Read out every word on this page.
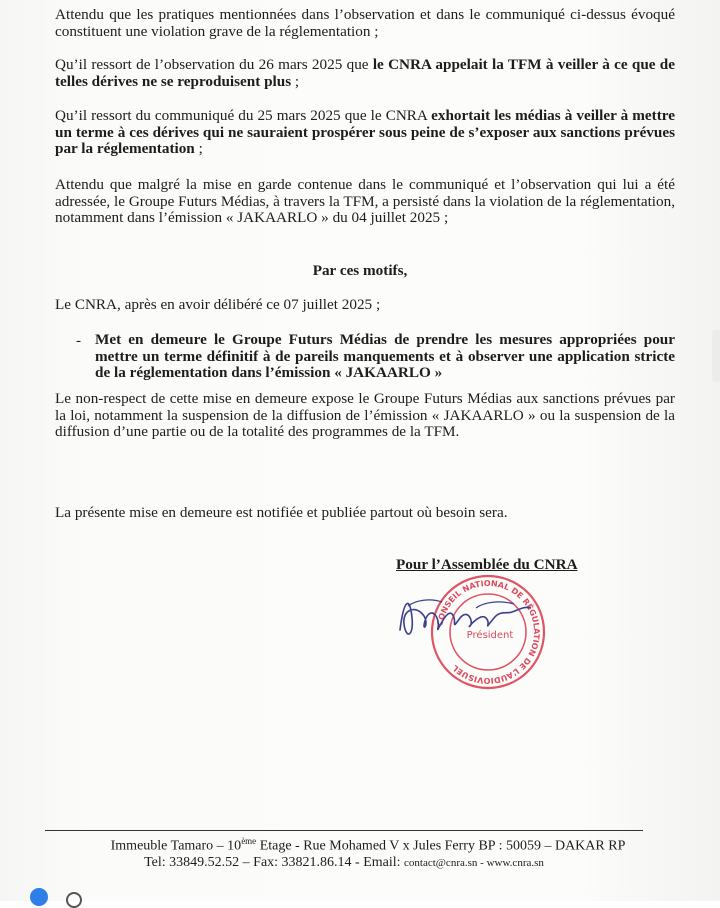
Attendu que les pratiques mentionnées dans l’observation et dans le communiqué ci-dessus évoqué constituent une violation grave de la réglementation ;

Qu’il ressort de l’observation du 26 mars 2025 que le CNRA appelait la TFM à veiller à ce que de telles dérives ne se reproduisent plus ;

Qu’il ressort du communiqué du 25 mars 2025 que le CNRA exhortait les médias à veiller à mettre un terme à ces dérives qui ne sauraient prospérer sous peine de s’exposer aux sanctions prévues par la réglementation ;

Attendu que malgré la mise en garde contenue dans le communiqué et l’observation qui lui a été adressée, le Groupe Futurs Médias, à travers la TFM, a persisté dans la violation de la réglementation, notamment dans l’émission « JAKAARLO » du 04 juillet 2025 ;

Par ces motifs,

Le CNRA, après en avoir délibéré ce 07 juillet 2025 ;

- Met en demeure le Groupe Futurs Médias de prendre les mesures appropriées pour mettre un terme définitif à de pareils manquements et à observer une application stricte de la réglementation dans l’émission « JAKAARLO »

Le non-respect de cette mise en demeure expose le Groupe Futurs Médias aux sanctions prévues par la loi, notamment la suspension de la diffusion de l’émission « JAKAARLO » ou la suspension de la diffusion d’une partie ou de la totalité des programmes de la TFM.

La présente mise en demeure est notifiée et publiée partout où besoin sera.

Pour l’Assemblée du CNRA
CONSEIL NATIONAL DE RÉGULATION DE L’AUDIOVISUEL
Président
Immeuble Tamaro – 10ème Etage - Rue Mohamed V x Jules Ferry BP : 50059 – DAKAR RP
Tel: 33849.52.52 – Fax: 33821.86.14 - Email: contact@cnra.sn - www.cnra.sn
